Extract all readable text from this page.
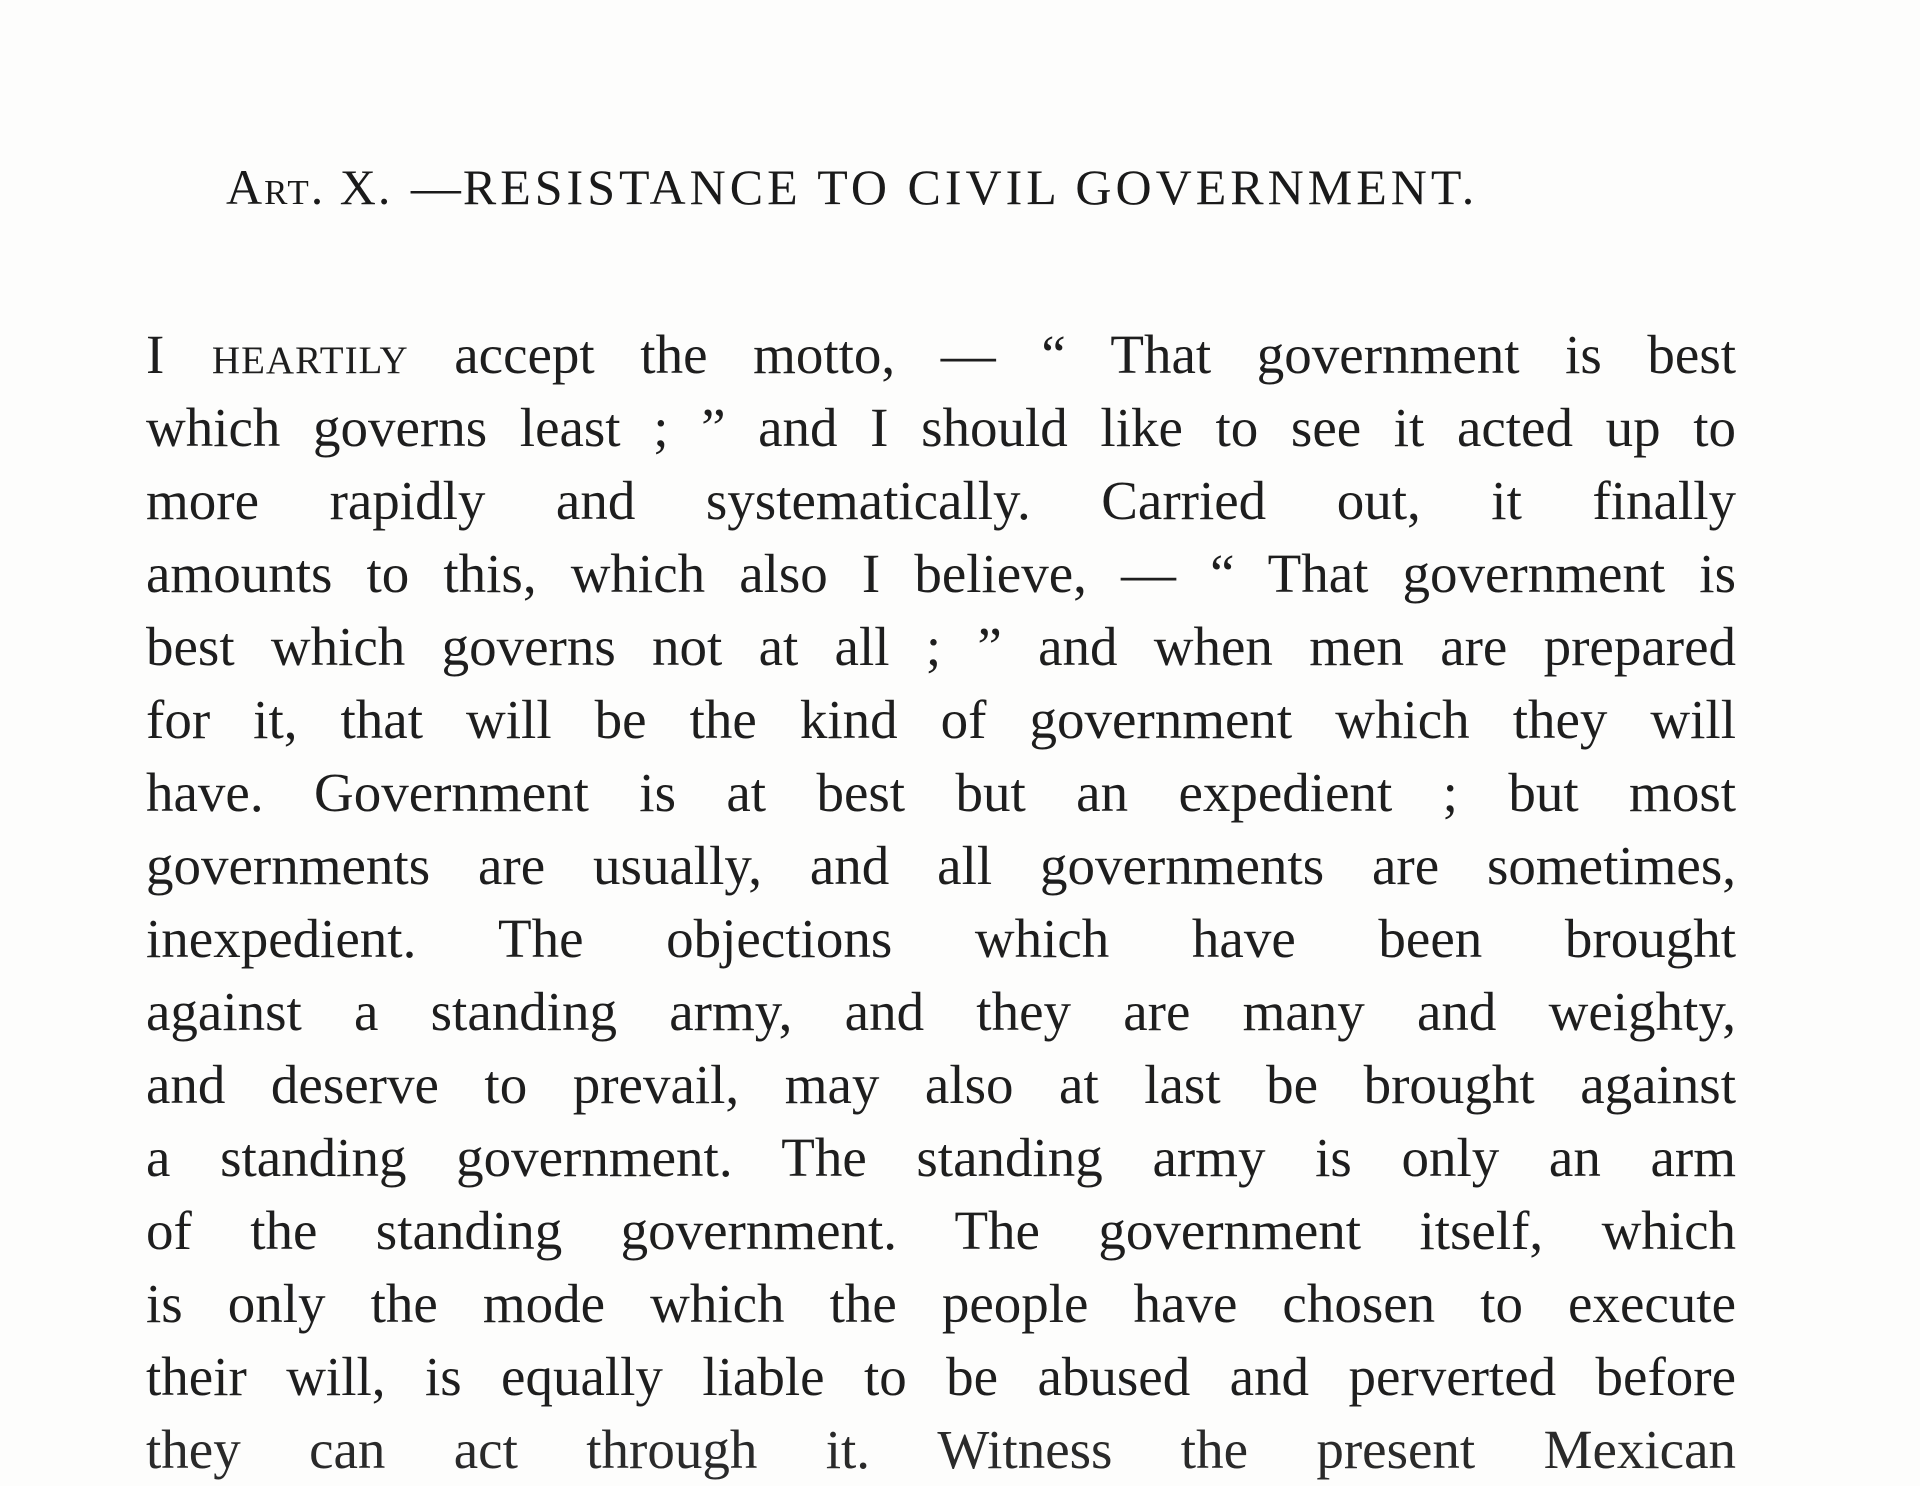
Art. X. —RESISTANCE TO CIVIL GOVERNMENT.
I heartily accept the motto, — “ That government is best
which governs least ; ” and I should like to see it acted up to
more rapidly and systematically. Carried out, it finally
amounts to this, which also I believe, — “ That government is
best which governs not at all ; ” and when men are prepared
for it, that will be the kind of government which they will
have. Government is at best but an expedient ; but most
governments are usually, and all governments are sometimes,
inexpedient. The objections which have been brought
against a standing army, and they are many and weighty,
and deserve to prevail, may also at last be brought against
a standing government. The standing army is only an arm
of the standing government. The government itself, which
is only the mode which the people have chosen to execute
their will, is equally liable to be abused and perverted before
they can act through it. Witness the present Mexican
